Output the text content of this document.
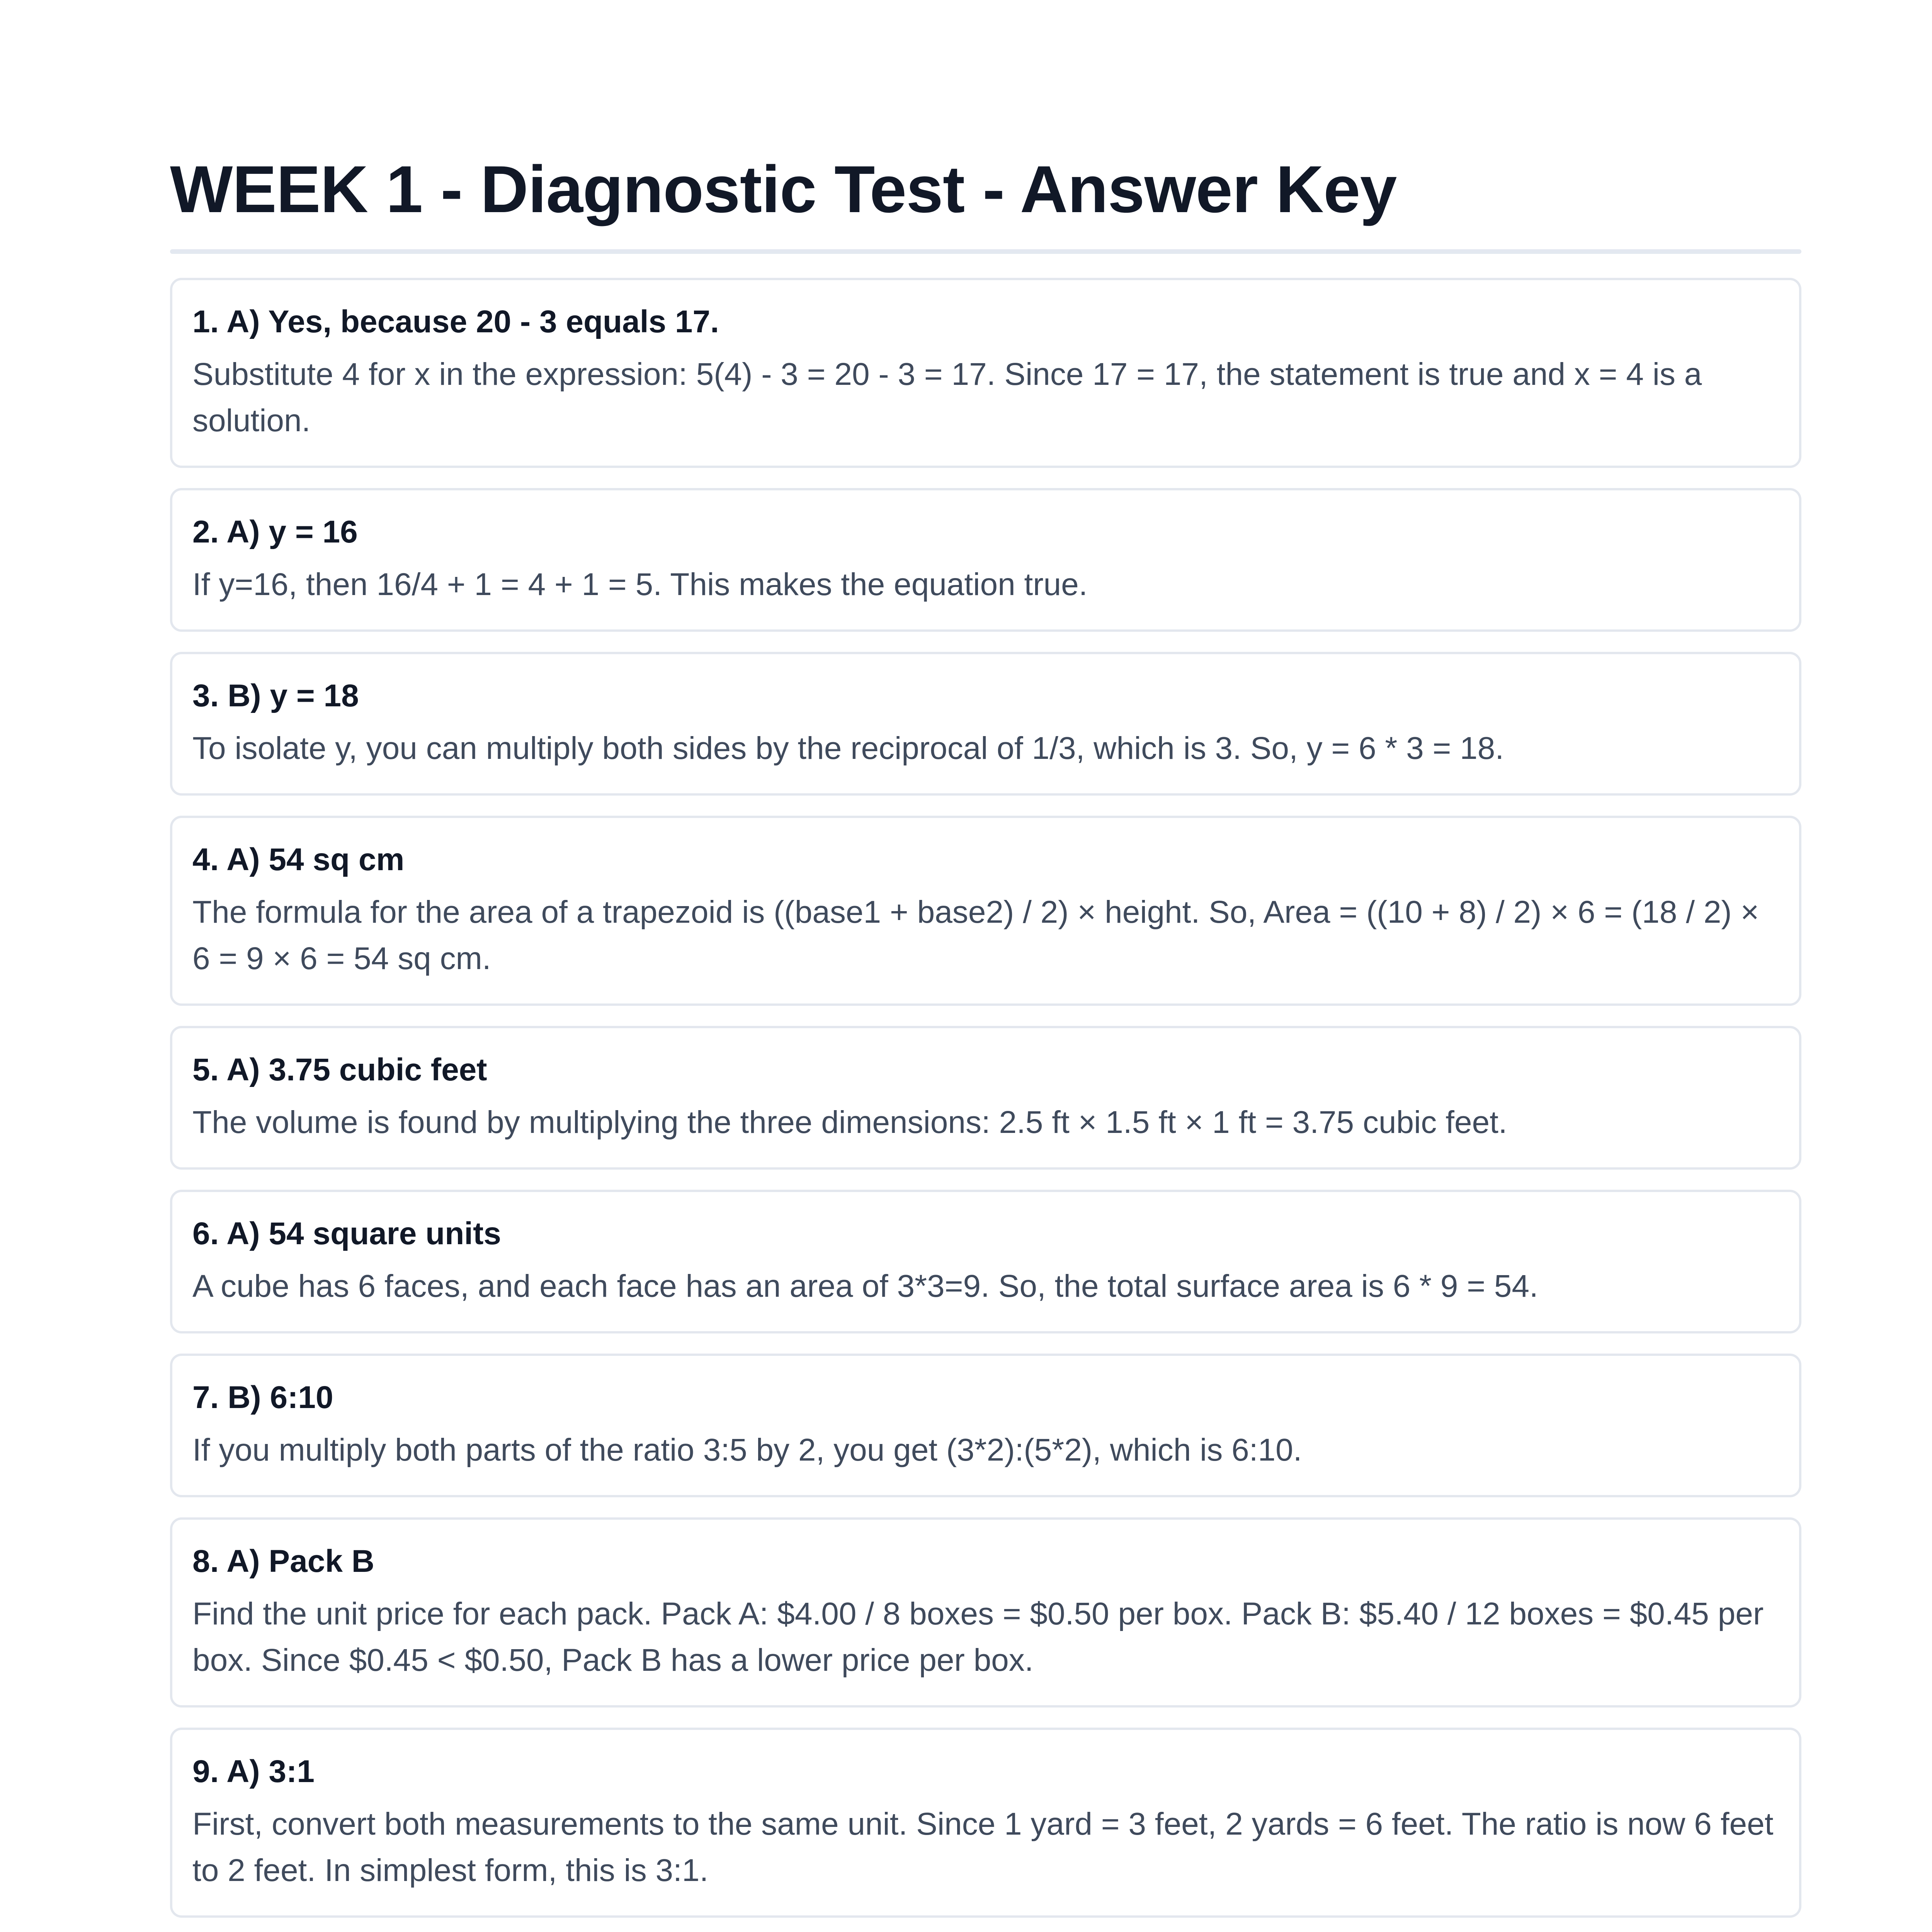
WEEK 1 - Diagnostic Test - Answer Key
1. A) Yes, because 20 - 3 equals 17.
Substitute 4 for x in the expression: 5(4) - 3 = 20 - 3 = 17. Since 17 = 17, the statement is true and x = 4 is a solution.
2. A) y = 16
If y=16, then 16/4 + 1 = 4 + 1 = 5. This makes the equation true.
3. B) y = 18
To isolate y, you can multiply both sides by the reciprocal of 1/3, which is 3. So, y = 6 * 3 = 18.
4. A) 54 sq cm
The formula for the area of a trapezoid is ((base1 + base2) / 2) × height. So, Area = ((10 + 8) / 2) × 6 = (18 / 2) × 6 = 9 × 6 = 54 sq cm.
5. A) 3.75 cubic feet
The volume is found by multiplying the three dimensions: 2.5 ft × 1.5 ft × 1 ft = 3.75 cubic feet.
6. A) 54 square units
A cube has 6 faces, and each face has an area of 3*3=9. So, the total surface area is 6 * 9 = 54.
7. B) 6:10
If you multiply both parts of the ratio 3:5 by 2, you get (3*2):(5*2), which is 6:10.
8. A) Pack B
Find the unit price for each pack. Pack A: $4.00 / 8 boxes = $0.50 per box. Pack B: $5.40 / 12 boxes = $0.45 per box. Since $0.45 < $0.50, Pack B has a lower price per box.
9. A) 3:1
First, convert both measurements to the same unit. Since 1 yard = 3 feet, 2 yards = 6 feet. The ratio is now 6 feet to 2 feet. In simplest form, this is 3:1.
